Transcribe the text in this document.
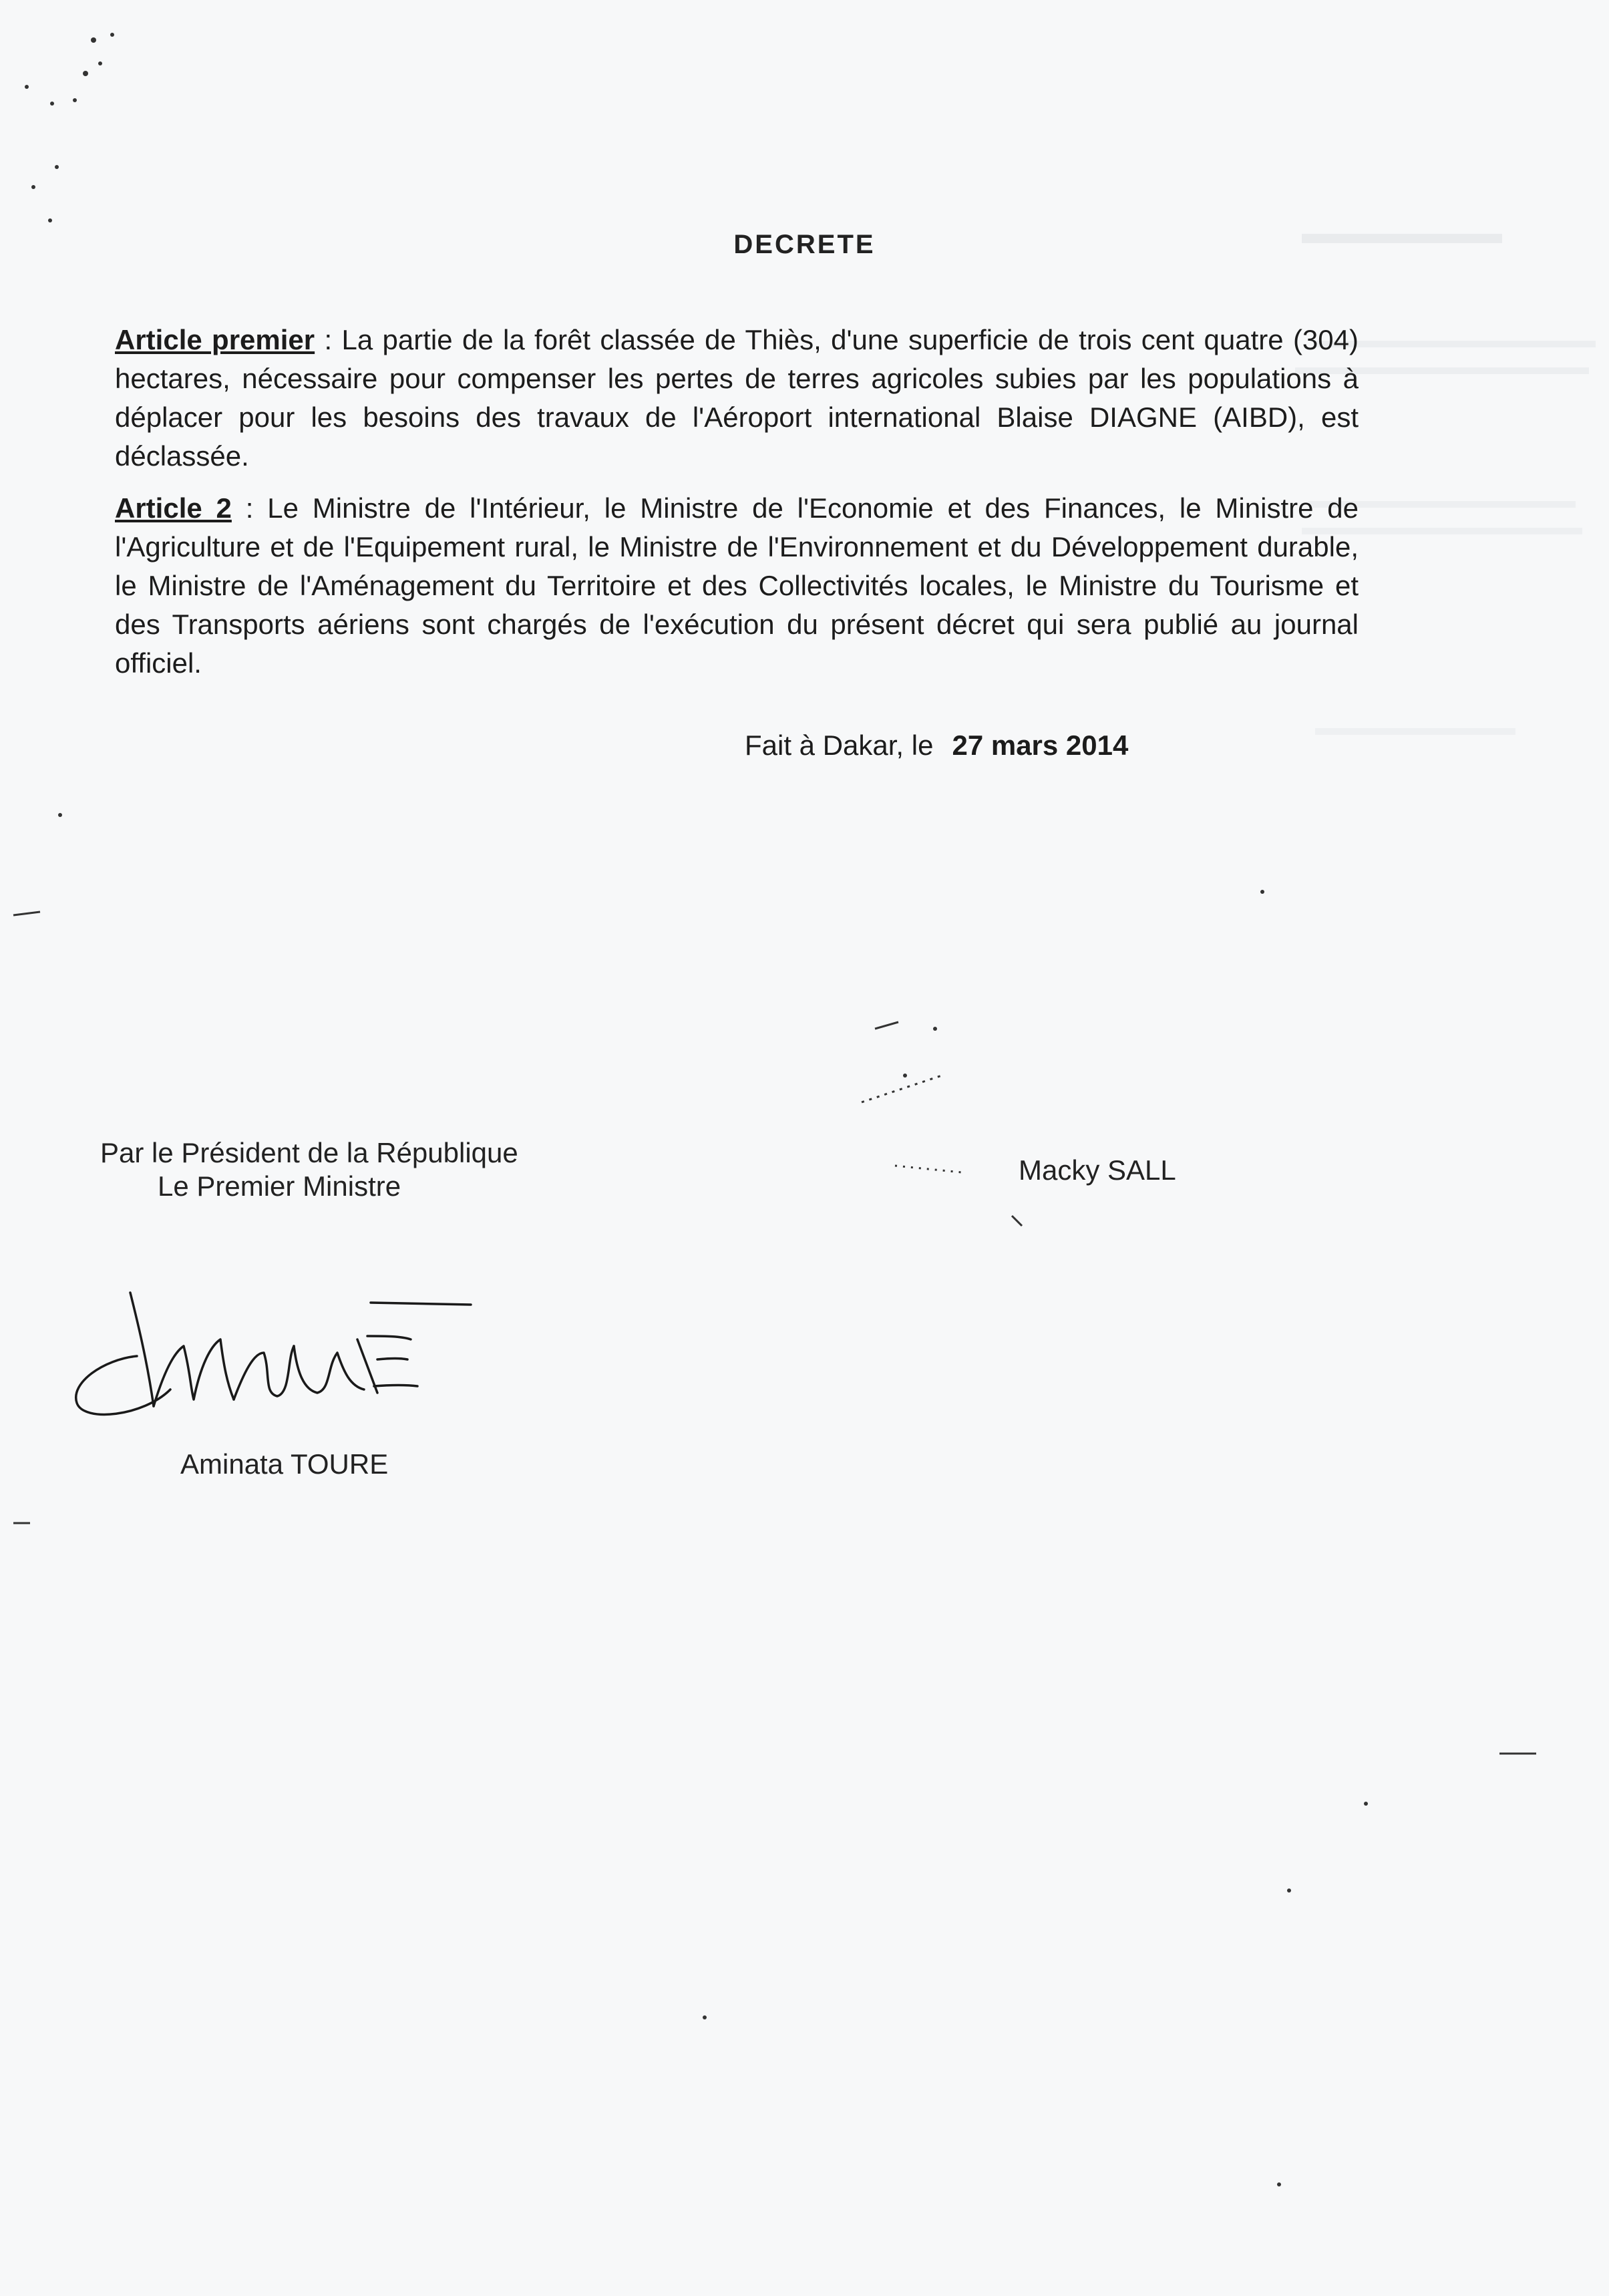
DECRETE
Article premier : La partie de la forêt classée de Thiès, d'une superficie de trois cent quatre (304) hectares, nécessaire pour compenser les pertes de terres agricoles subies par les populations à déplacer pour les besoins des travaux de l'Aéroport international Blaise DIAGNE (AIBD), est déclassée.
Article 2 : Le Ministre de l'Intérieur, le Ministre de l'Economie et des Finances, le Ministre de l'Agriculture et de l'Equipement rural, le Ministre de l'Environnement et du Développement durable, le Ministre de l'Aménagement du Territoire et des Collectivités locales, le Ministre du Tourisme et des Transports aériens sont chargés de l'exécution du présent décret qui sera publié au journal officiel.
Fait à Dakar, le 27 mars 2014
Par le Président de la République
Le Premier Ministre
Macky SALL
Aminata TOURE
